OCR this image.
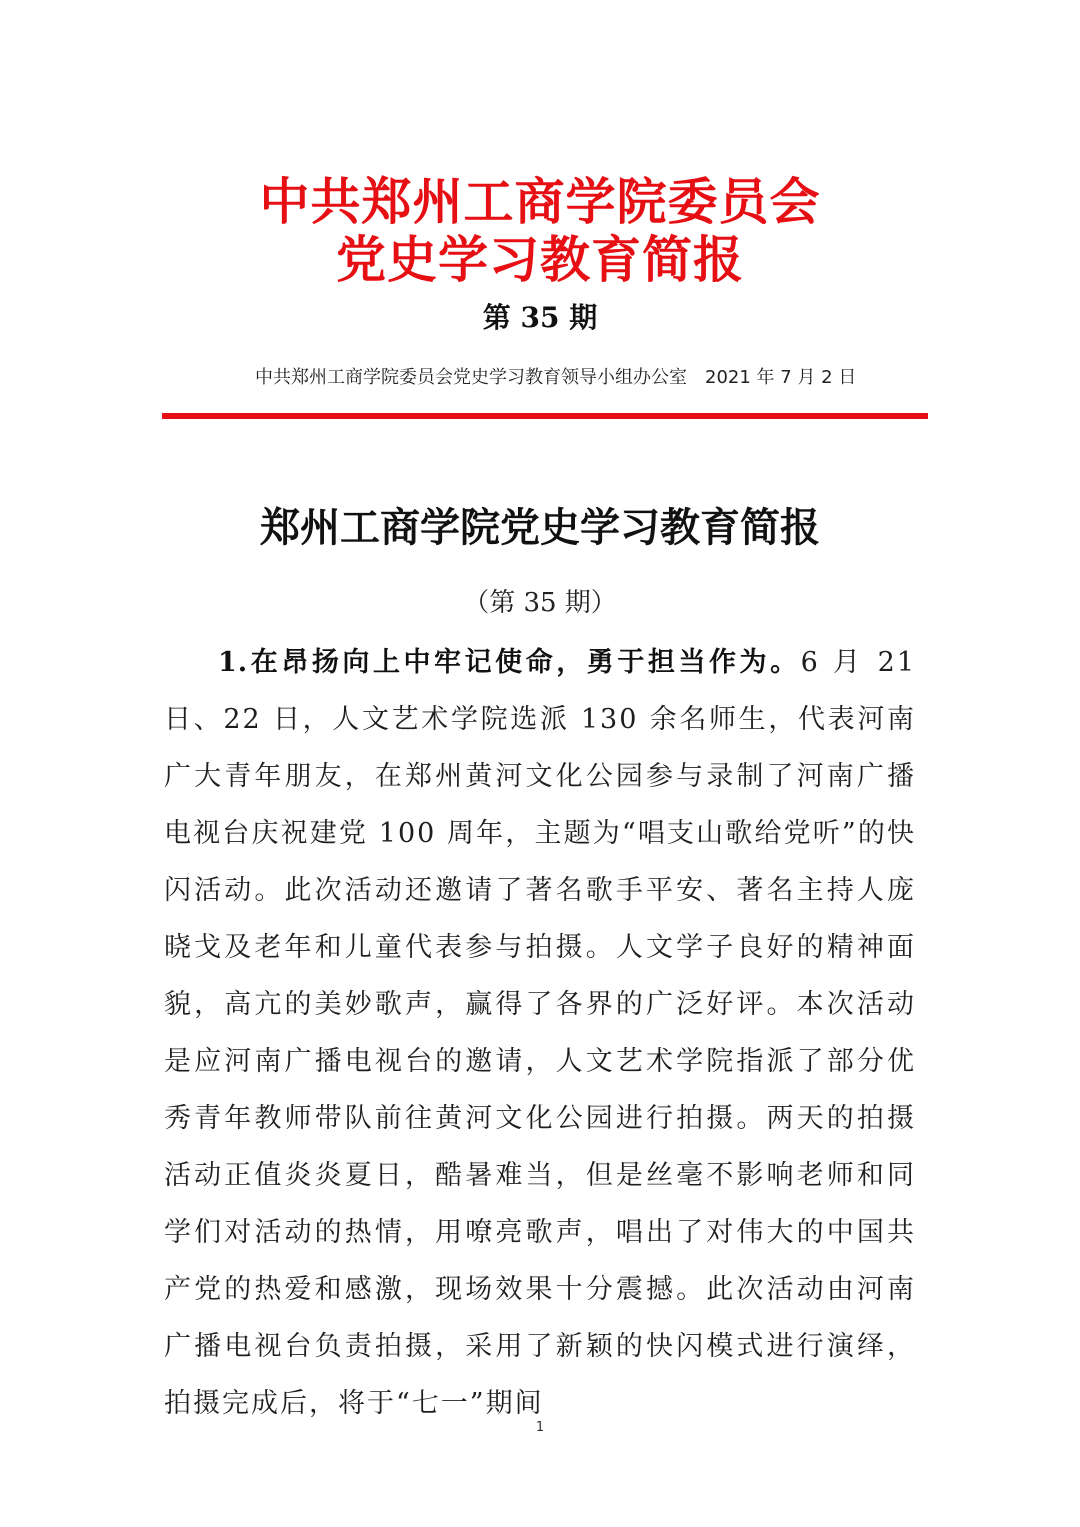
中共郑州工商学院委员会
党史学习教育简报
第 35 期
中共郑州工商学院委员会党史学习教育领导小组办公室 2021 年 7 月 2 日
郑州工商学院党史学习教育简报
（第 35 期）

1.在昂扬向上中牢记使命，勇于担当作为。6 月 21 日、22 日，人文艺术学院选派 130 余名师生，代表河南广大青年朋友，在郑州黄河文化公园参与录制了河南广播电视台庆祝建党 100 周年，主题为“唱支山歌给党听”的快闪活动。此次活动还邀请了著名歌手平安、著名主持人庞晓戈及老年和儿童代表参与拍摄。人文学子良好的精神面貌，高亢的美妙歌声，赢得了各界的广泛好评。本次活动是应河南广播电视台的邀请，人文艺术学院指派了部分优秀青年教师带队前往黄河文化公园进行拍摄。两天的拍摄活动正值炎炎夏日，酷暑难当，但是丝毫不影响老师和同学们对活动的热情，用嘹亮歌声，唱出了对伟大的中国共产党的热爱和感激，现场效果十分震撼。此次活动由河南广播电视台负责拍摄，采用了新颖的快闪模式进行演绎，拍摄完成后，将于“七一”期间

1
